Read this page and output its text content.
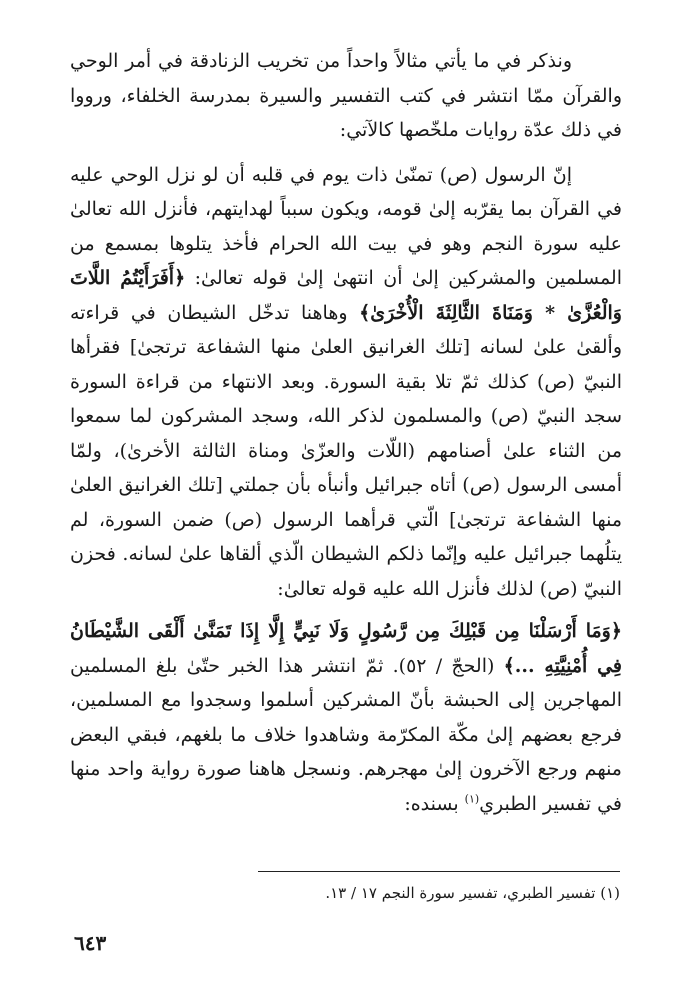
ونذكر في ما يأتي مثالاً واحداً من تخريب الزنادقة في أمر الوحي والقرآن ممّا انتشر في كتب التفسير والسيرة بمدرسة الخلفاء، ورووا في ذلك عدّة روايات ملخّصها كالآتي:

إنّ الرسول (ص) تمنّىٰ ذات يوم في قلبه أن لو نزل الوحي عليه في القرآن بما يقرّبه إلىٰ قومه، ويكون سبباً لهدايتهم، فأنزل الله تعالىٰ عليه سورة النجم وهو في بيت الله الحرام فأخذ يتلوها بمسمع من المسلمين والمشركين إلىٰ أن انتهىٰ إلىٰ قوله تعالىٰ: ﴿أَفَرَأَيْتُمُ اللَّاتَ وَالْعُزَّىٰ * وَمَنَاةَ الثَّالِثَةَ الْأُخْرَىٰ﴾ وهاهنا تدخّل الشيطان في قراءته وألقىٰ علىٰ لسانه [تلك الغرانيق العلىٰ منها الشفاعة ترتجىٰ] فقرأها النبيّ (ص) كذلك ثمّ تلا بقية السورة. وبعد الانتهاء من قراءة السورة سجد النبيّ (ص) والمسلمون لذكر الله، وسجد المشركون لما سمعوا من الثناء علىٰ أصنامهم (اللّات والعزّىٰ ومناة الثالثة الأخرىٰ)، ولمّا أمسى الرسول (ص) أتاه جبرائيل وأنبأه بأن جملتي [تلك الغرانيق العلىٰ منها الشفاعة ترتجىٰ] الّتي قرأهما الرسول (ص) ضمن السورة، لم يتلُهما جبرائيل عليه وإنّما ذلكم الشيطان الّذي ألقاها علىٰ لسانه. فحزن النبيّ (ص) لذلك فأنزل الله عليه قوله تعالىٰ:

﴿وَمَا أَرْسَلْنَا مِن قَبْلِكَ مِن رَّسُولٍ وَلَا نَبِيٍّ إِلَّا إِذَا تَمَنَّىٰ أَلْقَى الشَّيْطَانُ فِي أُمْنِيَّتِهِ ...﴾ (الحجّ / ٥٢). ثمّ انتشر هذا الخبر حتّىٰ بلغ المسلمين المهاجرين إلى الحبشة بأنّ المشركين أسلموا وسجدوا مع المسلمين، فرجع بعضهم إلىٰ مكّة المكرّمة وشاهدوا خلاف ما بلغهم، فبقي البعض منهم ورجع الآخرون إلىٰ مهجرهم. ونسجل هاهنا صورة رواية واحد منها في تفسير الطبري$^{(١)}$ بسنده:

(١) تفسير الطبري، تفسير سورة النجم ١٧ / ١٣.

٦٤٣
